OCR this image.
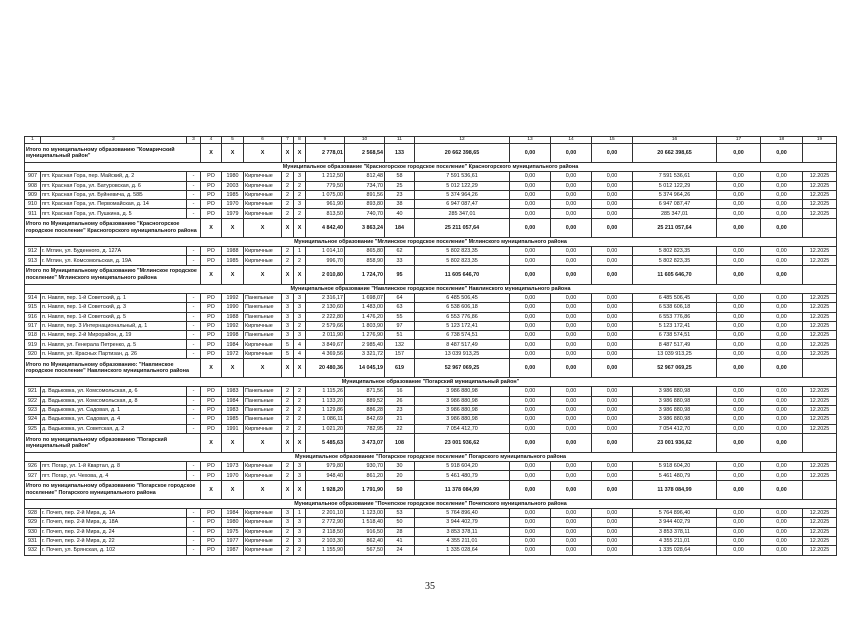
1	2	3	4	5	6	7	8	9	10	11	12	13	14	15	16	17	18	19
Итого по муниципальному образованию "Комаричский муниципальный район"			X	X	X	X	X	2 778,01	2 568,54	133	20 662 398,65	0,00	0,00	0,00	20 662 398,65	0,00	0,00	
Муниципальное образование "Красногорское городское поселение" Красногорского муниципального района																		
907	пгт. Красная Гора, пер. Майский, д. 2	-	РО	1980	Кирпичные	2	3	1 212,50	812,48	58	7 591 536,61	0,00	0,00	0,00	7 591 536,61	0,00	0,00	12.2025
908	пгт. Красная Гора, ул. Батуровская, д. 6	-	РО	2003	Кирпичные	2	2	779,50	734,70	25	5 012 122,29	0,00	0,00	0,00	5 012 122,29	0,00	0,00	12.2025
909	пгт. Красная Гора, ул. Буйневича, д. 58Б	-	РО	1985	Кирпичные	2	2	1 075,00	891,56	23	5 374 964,26	0,00	0,00	0,00	5 374 964,26	0,00	0,00	12.2025
910	пгт. Красная Гора, ул. Первомайская, д. 14	-	РО	1970	Кирпичные	2	3	961,90	893,80	38	6 947 087,47	0,00	0,00	0,00	6 947 087,47	0,00	0,00	12.2025
911	пгт. Красная Гора, ул. Пушкина, д. 5	-	РО	1979	Кирпичные	2	2	813,50	740,70	40	285 347,01	0,00	0,00	0,00	285 347,01	0,00	0,00	12.2025
Итого по Муниципальному образованию "Красногорское городское поселение" Красногорского муниципального района			X	X	X	X	X	4 842,40	3 863,24	184	25 211 057,64	0,00	0,00	0,00	25 211 057,64	0,00	0,00	
Муниципальное образование "Мглинское городское поселение" Мглинского муниципального района																		
912	г. Мглин, ул. Буденного, д. 127А	-	РО	1988	Кирпичные	2	1	1 014,10	865,80	62	5 802 823,35	0,00	0,00	0,00	5 802 823,35	0,00	0,00	12.2025
913	г. Мглин, ул. Комсомольская, д. 19А	-	РО	1985	Кирпичные	2	2	996,70	858,90	33	5 802 823,35	0,00	0,00	0,00	5 802 823,35	0,00	0,00	12.2025
Итого по Муниципальному образованию "Мглинское городское поселение" Мглинского муниципального района			X	X	X	X	X	2 010,80	1 724,70	95	11 605 646,70	0,00	0,00	0,00	11 605 646,70	0,00	0,00	
Муниципальное образование "Навлинское городское поселение" Навлинского муниципального района																		
914	п. Навля, пер. 1-й Советский, д. 1	-	РО	1992	Панельные	3	3	2 316,17	1 698,07	64	6 485 506,45	0,00	0,00	0,00	6 485 506,45	0,00	0,00	12.2025
915	п. Навля, пер. 1-й Советский, д. 3	-	РО	1990	Панельные	3	3	2 130,60	1 483,00	63	6 538 606,18	0,00	0,00	0,00	6 538 606,18	0,00	0,00	12.2025
916	п. Навля, пер. 1-й Советский, д. 5	-	РО	1988	Панельные	3	3	2 222,80	1 476,20	55	6 553 776,86	0,00	0,00	0,00	6 553 776,86	0,00	0,00	12.2025
917	п. Навля, пер. 3 Интернациональный, д. 1	-	РО	1992	Кирпичные	3	2	2 579,66	1 803,90	97	5 123 172,41	0,00	0,00	0,00	5 123 172,41	0,00	0,00	12.2025
918	п. Навля, пер. 2-й Мирорайон, д. 19	-	РО	1998	Панельные	3	3	2 011,90	1 276,90	51	6 738 574,51	0,00	0,00	0,00	6 738 574,51	0,00	0,00	12.2025
919	п. Навля, ул. Генерала Петренко, д. 5	-	РО	1984	Кирпичные	5	4	3 849,67	2 985,40	132	8 487 517,49	0,00	0,00	0,00	8 487 517,49	0,00	0,00	12.2025
920	п. Навля, ул. Красных Партизан, д. 26	-	РО	1972	Кирпичные	5	4	4 369,56	3 321,72	157	13 039 913,25	0,00	0,00	0,00	13 039 913,25	0,00	0,00	12.2025
Итого по Муниципальному образованию: "Навлинское городское поселение" Навлинского муниципального района			X	X	X	X	X	20 480,36	14 045,19	619	52 967 069,25	0,00	0,00	0,00	52 967 069,25	0,00	0,00	
Муниципальное образование "Погарский муниципальный район"																		
921	д. Вадьковка, ул. Комсомольская, д. 6	-	РО	1983	Панельные	2	2	1 115,26	871,56	16	3 986 880,98	0,00	0,00	0,00	3 986 880,98	0,00	0,00	12.2025
922	д. Вадьковка, ул. Комсомольская, д. 8	-	РО	1984	Панельные	2	2	1 133,20	889,52	26	3 986 880,98	0,00	0,00	0,00	3 986 880,98	0,00	0,00	12.2025
923	д. Вадьковка, ул. Садовая, д. 1	-	РО	1983	Панельные	2	2	1 129,86	886,28	23	3 986 880,98	0,00	0,00	0,00	3 986 880,98	0,00	0,00	12.2025
924	д. Вадьковка, ул. Садовая, д. 4	-	РО	1985	Панельные	2	2	1 086,11	842,69	21	3 986 880,98	0,00	0,00	0,00	3 986 880,98	0,00	0,00	12.2025
925	д. Вадьковка, ул. Советская, д. 2	-	РО	1991	Кирпичные	2	2	1 021,20	782,95	22	7 054 412,70	0,00	0,00	0,00	7 054 412,70	0,00	0,00	12.2025
Итого по муниципальному образованию "Погарский муниципальный район"			X	X	X	X	X	5 485,63	3 473,07	108	23 001 936,62	0,00	0,00	0,00	23 001 936,62	0,00	0,00	
Муниципальное образование "Погарское городское поселение" Погарского муниципального района																		
926	пгт. Погар, ул. 1-й Квартал, д. 8	-	РО	1973	Кирпичные	2	3	979,80	930,70	30	5 918 604,20	0,00	0,00	0,00	5 918 604,20	0,00	0,00	12.2025
927	пгт. Погар, ул. Чехова, д. 4	-	РО	1970	Кирпичные	2	3	948,40	861,20	20	5 461 480,79	0,00	0,00	0,00	5 461 480,79	0,00	0,00	12.2025
Итого по муниципальному образованию "Погарское городское поселение" Погарского муниципального района			X	X	X	X	X	1 928,20	1 791,90	50	11 378 084,99	0,00	0,00	0,00	11 378 084,99	0,00	0,00	
Муниципальное образование "Почепское городское поселение" Почепского муниципального района																		
928	г. Почеп, пер. 2-й Мира, д. 1А	-	РО	1984	Кирпичные	3	1	2 201,10	1 123,00	53	5 764 896,40	0,00	0,00	0,00	5 764 896,40	0,00	0,00	12.2025
929	г. Почеп, пер. 2-й Мира, д. 18А	-	РО	1980	Кирпичные	3	3	2 772,90	1 518,40	50	3 944 402,79	0,00	0,00	0,00	3 944 402,79	0,00	0,00	12.2025
930	г. Почеп, пер. 2-й Мира, д. 24	-	РО	1975	Кирпичные	2	3	2 118,50	916,50	28	3 853 378,11	0,00	0,00	0,00	3 853 378,11	0,00	0,00	12.2025
931	г. Почеп, пер. 2-й Мира, д. 22	-	РО	1977	Кирпичные	2	3	2 103,30	862,40	41	4 355 211,01	0,00	0,00	0,00	4 355 211,01	0,00	0,00	12.2025
932	г. Почеп, ул. Брянская, д. 102	-	РО	1987	Кирпичные	2	2	1 155,90	567,50	24	1 335 028,64	0,00	0,00	0,00	1 335 028,64	0,00	0,00	12.2025
35
